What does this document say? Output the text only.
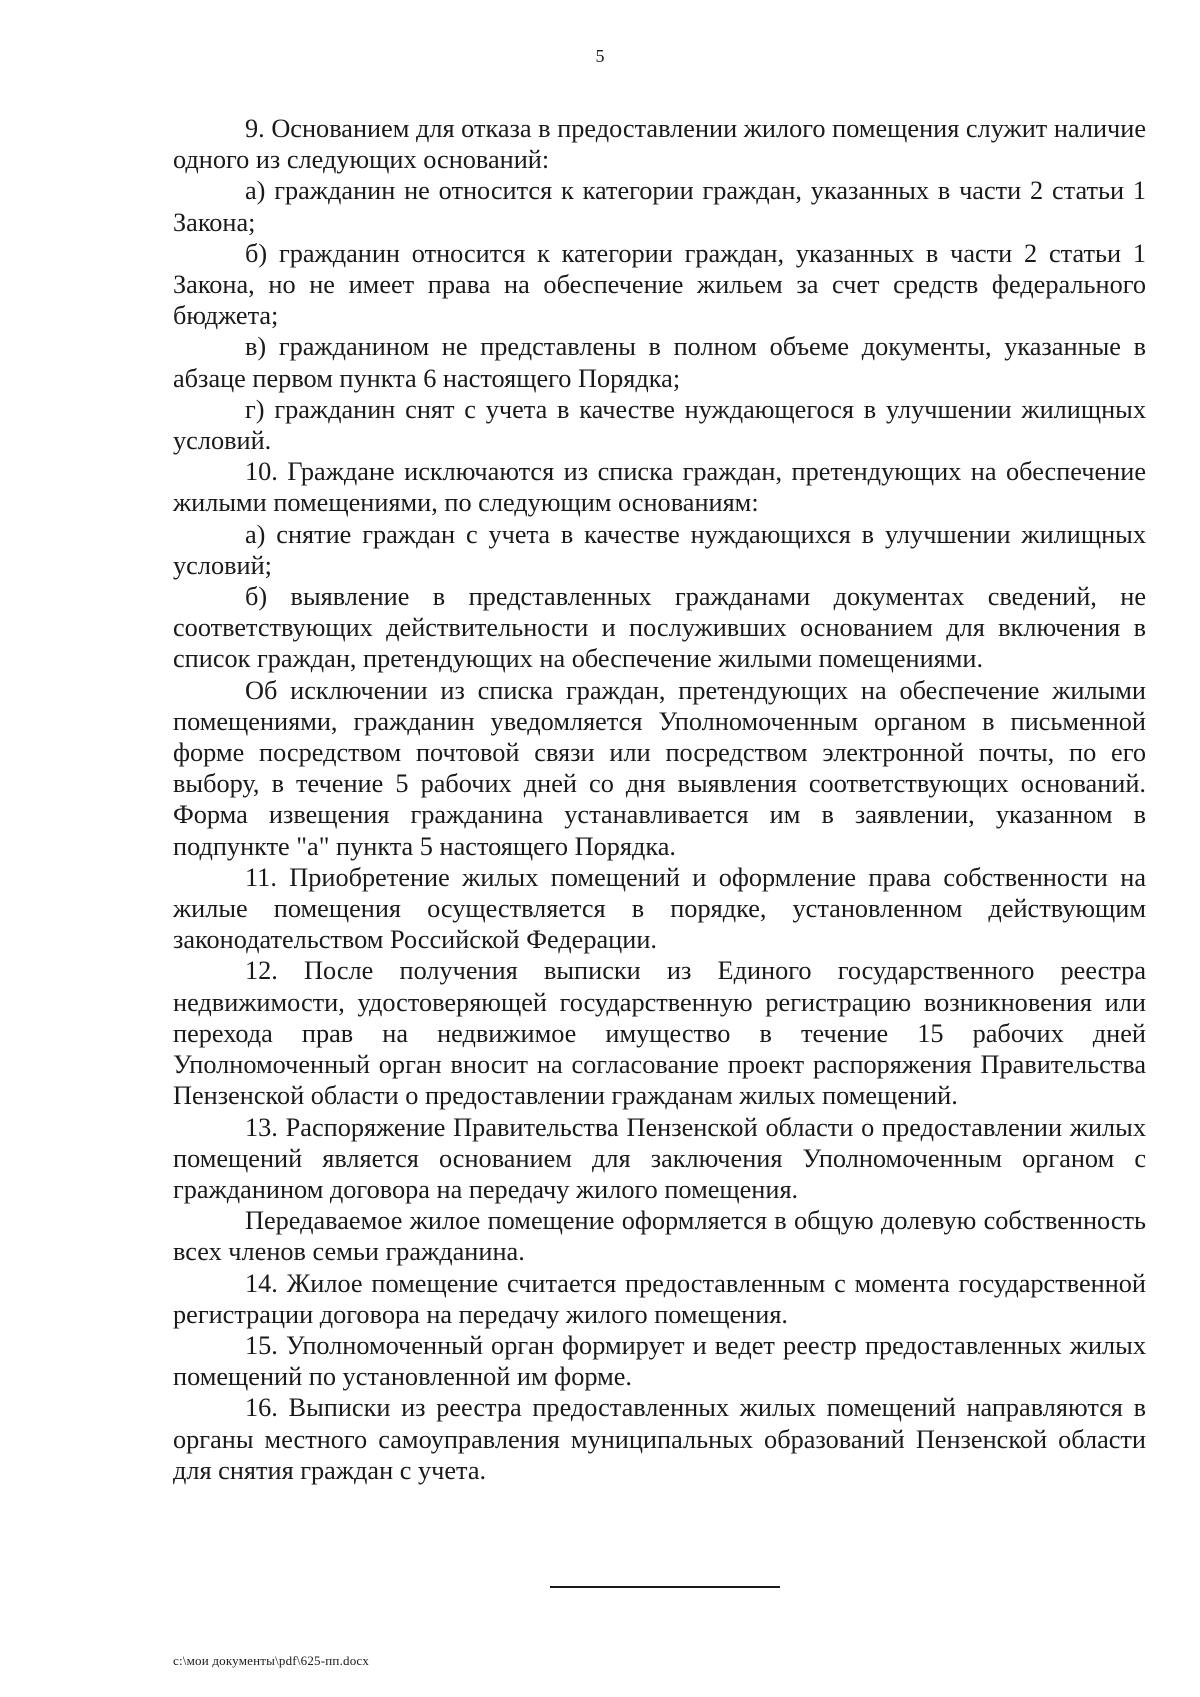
5

9. Основанием для отказа в предоставлении жилого помещения служит наличие одного из следующих оснований:

а) гражданин не относится к категории граждан, указанных в части 2 статьи 1 Закона;

б) гражданин относится к категории граждан, указанных в части 2 статьи 1 Закона, но не имеет права на обеспечение жильем за счет средств федерального бюджета;

в) гражданином не представлены в полном объеме документы, указанные в абзаце первом пункта 6 настоящего Порядка;

г) гражданин снят с учета в качестве нуждающегося в улучшении жилищных условий.

10. Граждане исключаются из списка граждан, претендующих на обеспечение жилыми помещениями, по следующим основаниям:

а) снятие граждан с учета в качестве нуждающихся в улучшении жилищных условий;

б) выявление в представленных гражданами документах сведений, не соответствующих действительности и послуживших основанием для включения в список граждан, претендующих на обеспечение жилыми помещениями.

Об исключении из списка граждан, претендующих на обеспечение жилыми помещениями, гражданин уведомляется Уполномоченным органом в письменной форме посредством почтовой связи или посредством электронной почты, по его выбору, в течение 5 рабочих дней со дня выявления соответствующих оснований. Форма извещения гражданина устанавливается им в заявлении, указанном в подпункте "а" пункта 5 настоящего Порядка.

11. Приобретение жилых помещений и оформление права собственности на жилые помещения осуществляется в порядке, установленном действующим законодательством Российской Федерации.

12. После получения выписки из Единого государственного реестра недвижимости, удостоверяющей государственную регистрацию возникновения или перехода прав на недвижимое имущество в течение 15 рабочих дней Уполномоченный орган вносит на согласование проект распоряжения Правительства Пензенской области о предоставлении гражданам жилых помещений.

13. Распоряжение Правительства Пензенской области о предоставлении жилых помещений является основанием для заключения Уполномоченным органом с гражданином договора на передачу жилого помещения.

Передаваемое жилое помещение оформляется в общую долевую собственность всех членов семьи гражданина.

14. Жилое помещение считается предоставленным с момента государственной регистрации договора на передачу жилого помещения.

15. Уполномоченный орган формирует и ведет реестр предоставленных жилых помещений по установленной им форме.

16. Выписки из реестра предоставленных жилых помещений направляются в органы местного самоуправления муниципальных образований Пензенской области для снятия граждан с учета.

c:\мои документы\pdf\625-пп.docx
